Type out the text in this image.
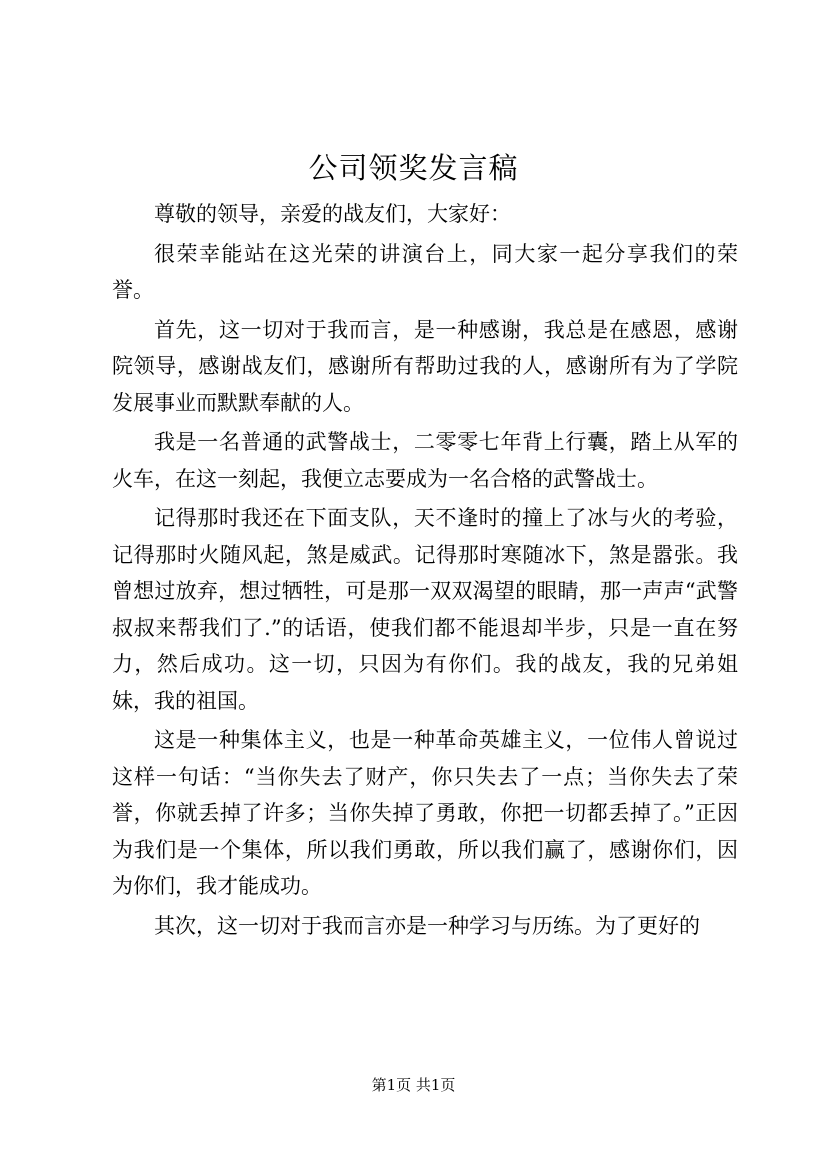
公司领奖发言稿

尊敬的领导，亲爱的战友们，大家好：

很荣幸能站在这光荣的讲演台上，同大家一起分享我们的荣誉。

首先，这一切对于我而言，是一种感谢，我总是在感恩，感谢院领导，感谢战友们，感谢所有帮助过我的人，感谢所有为了学院发展事业而默默奉献的人。

我是一名普通的武警战士，二零零七年背上行囊，踏上从军的火车，在这一刻起，我便立志要成为一名合格的武警战士。

记得那时我还在下面支队，天不逢时的撞上了冰与火的考验，记得那时火随风起，煞是威武。记得那时寒随冰下，煞是嚣张。我曾想过放弃，想过牺牲，可是那一双双渴望的眼睛，那一声声“武警叔叔来帮我们了.”的话语，使我们都不能退却半步，只是一直在努力，然后成功。这一切，只因为有你们。我的战友，我的兄弟姐妹，我的祖国。

这是一种集体主义，也是一种革命英雄主义，一位伟人曾说过这样一句话：“当你失去了财产，你只失去了一点；当你失去了荣誉，你就丢掉了许多；当你失掉了勇敢，你把一切都丢掉了。”正因为我们是一个集体，所以我们勇敢，所以我们赢了，感谢你们，因为你们，我才能成功。

其次，这一切对于我而言亦是一种学习与历练。为了更好的

第1页 共1页
